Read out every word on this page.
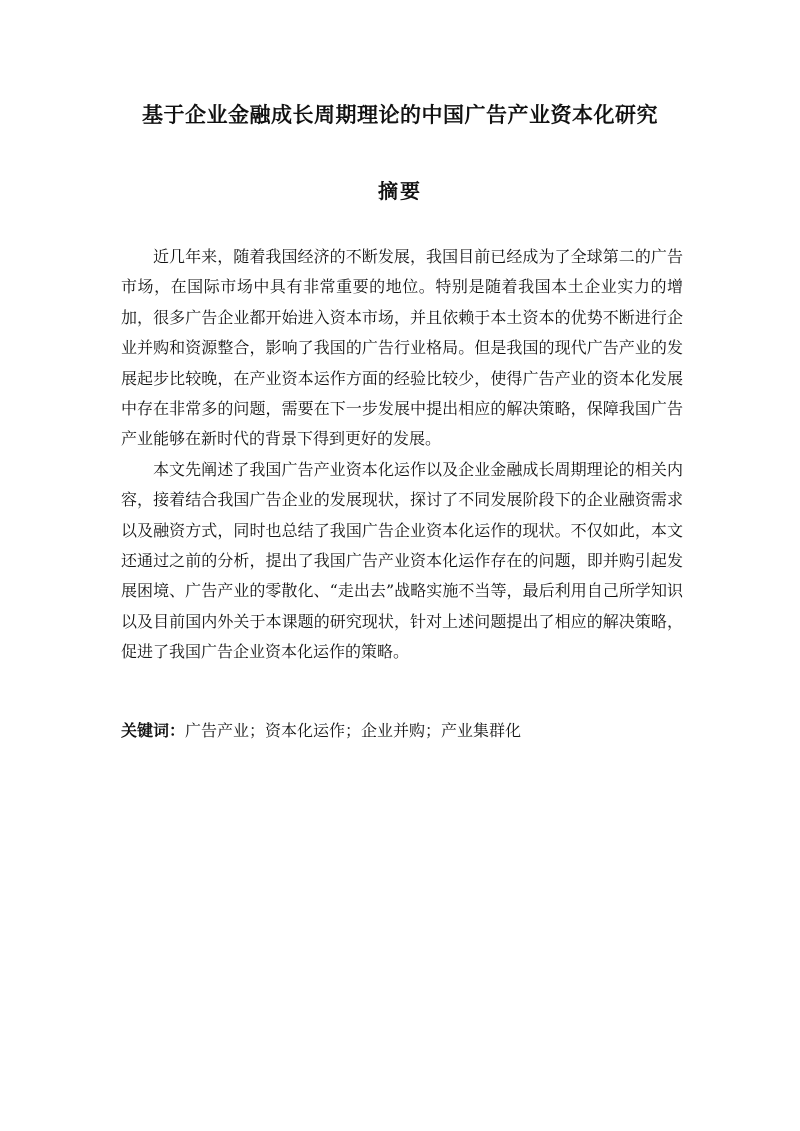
基于企业金融成长周期理论的中国广告产业资本化研究
摘要

近几年来，随着我国经济的不断发展，我国目前已经成为了全球第二的广告市场，在国际市场中具有非常重要的地位。特别是随着我国本土企业实力的增加，很多广告企业都开始进入资本市场，并且依赖于本土资本的优势不断进行企业并购和资源整合，影响了我国的广告行业格局。但是我国的现代广告产业的发展起步比较晚，在产业资本运作方面的经验比较少，使得广告产业的资本化发展中存在非常多的问题，需要在下一步发展中提出相应的解决策略，保障我国广告产业能够在新时代的背景下得到更好的发展。

本文先阐述了我国广告产业资本化运作以及企业金融成长周期理论的相关内容，接着结合我国广告企业的发展现状，探讨了不同发展阶段下的企业融资需求以及融资方式，同时也总结了我国广告企业资本化运作的现状。不仅如此，本文还通过之前的分析，提出了我国广告产业资本化运作存在的问题，即并购引起发展困境、广告产业的零散化、“走出去”战略实施不当等，最后利用自己所学知识以及目前国内外关于本课题的研究现状，针对上述问题提出了相应的解决策略，促进了我国广告企业资本化运作的策略。

关键词：广告产业；资本化运作；企业并购；产业集群化
